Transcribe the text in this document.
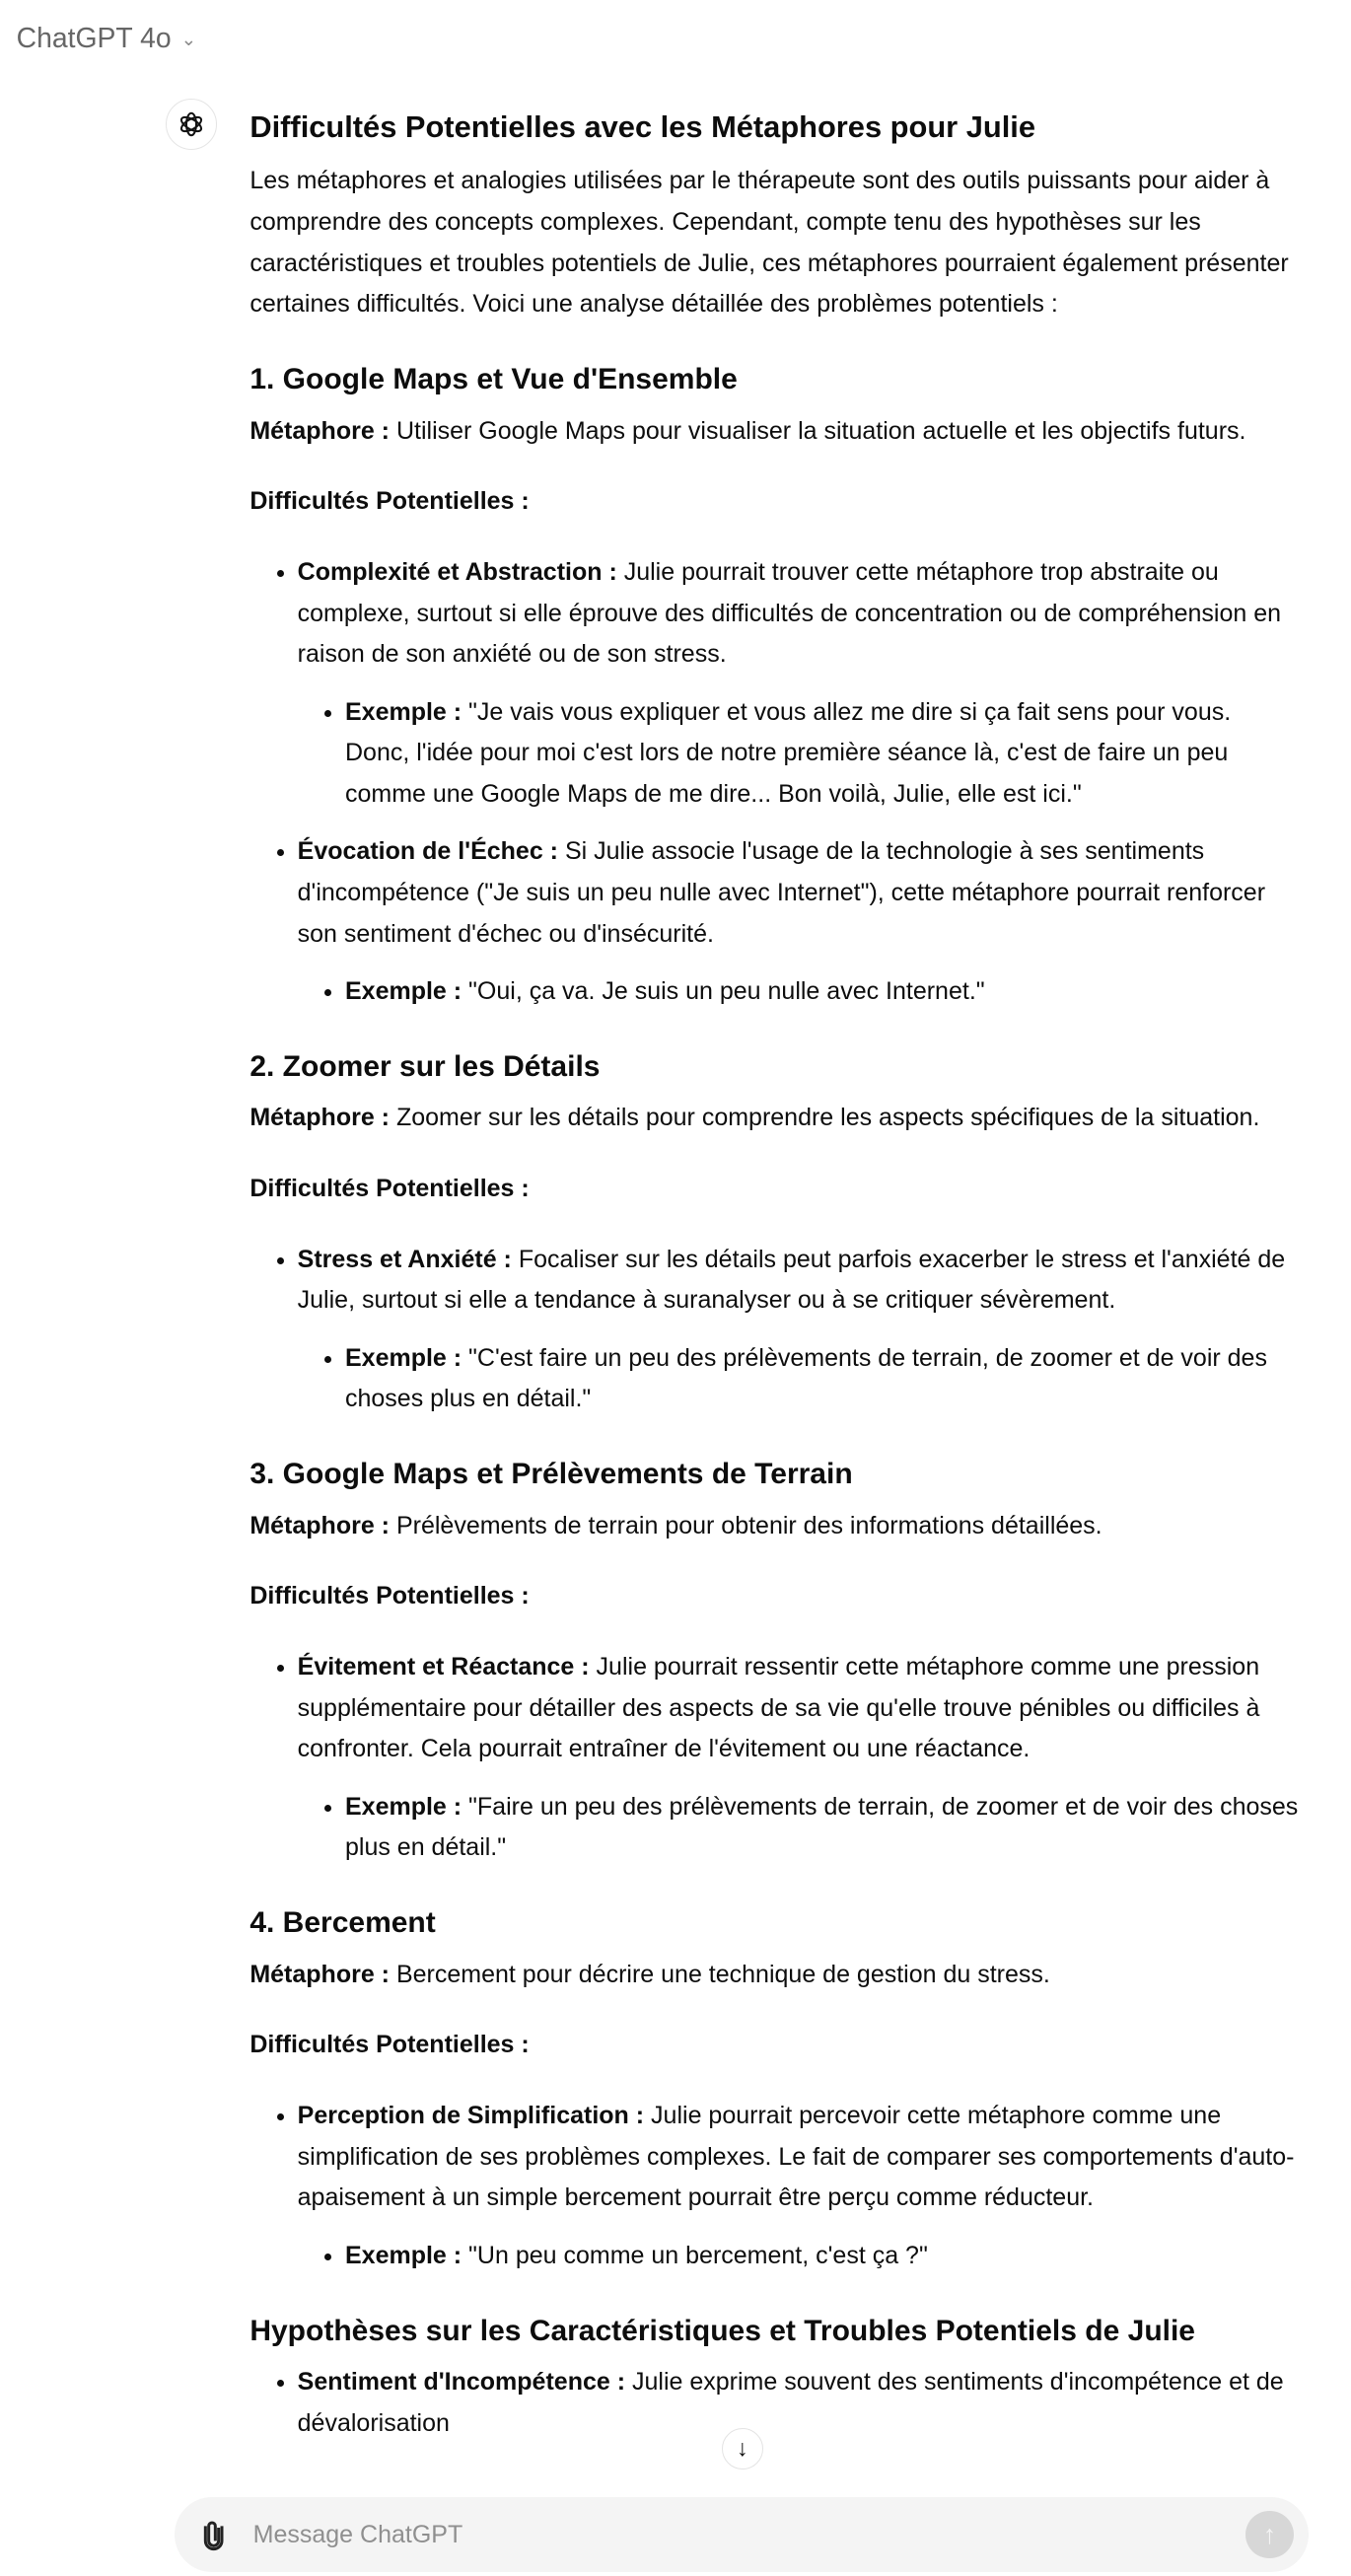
ChatGPT 4o ⌄
Difficultés Potentielles avec les Métaphores pour Julie

Les métaphores et analogies utilisées par le thérapeute sont des outils puissants pour aider à comprendre des concepts complexes. Cependant, compte tenu des hypothèses sur les caractéristiques et troubles potentiels de Julie, ces métaphores pourraient également présenter certaines difficultés. Voici une analyse détaillée des problèmes potentiels :

1. Google Maps et Vue d'Ensemble

Métaphore : Utiliser Google Maps pour visualiser la situation actuelle et les objectifs futurs.

Difficultés Potentielles :

• Complexité et Abstraction : Julie pourrait trouver cette métaphore trop abstraite ou complexe, surtout si elle éprouve des difficultés de concentration ou de compréhension en raison de son anxiété ou de son stress.
• Exemple : "Je vais vous expliquer et vous allez me dire si ça fait sens pour vous. Donc, l'idée pour moi c'est lors de notre première séance là, c'est de faire un peu comme une Google Maps de me dire... Bon voilà, Julie, elle est ici."
• Évocation de l'Échec : Si Julie associe l'usage de la technologie à ses sentiments d'incompétence ("Je suis un peu nulle avec Internet"), cette métaphore pourrait renforcer son sentiment d'échec ou d'insécurité.
• Exemple : "Oui, ça va. Je suis un peu nulle avec Internet."
2. Zoomer sur les Détails

Métaphore : Zoomer sur les détails pour comprendre les aspects spécifiques de la situation.

Difficultés Potentielles :

• Stress et Anxiété : Focaliser sur les détails peut parfois exacerber le stress et l'anxiété de Julie, surtout si elle a tendance à suranalyser ou à se critiquer sévèrement.
• Exemple : "C'est faire un peu des prélèvements de terrain, de zoomer et de voir des choses plus en détail."
3. Google Maps et Prélèvements de Terrain

Métaphore : Prélèvements de terrain pour obtenir des informations détaillées.

Difficultés Potentielles :

• Évitement et Réactance : Julie pourrait ressentir cette métaphore comme une pression supplémentaire pour détailler des aspects de sa vie qu'elle trouve pénibles ou difficiles à confronter. Cela pourrait entraîner de l'évitement ou une réactance.
• Exemple : "Faire un peu des prélèvements de terrain, de zoomer et de voir des choses plus en détail."
4. Bercement

Métaphore : Bercement pour décrire une technique de gestion du stress.

Difficultés Potentielles :

• Perception de Simplification : Julie pourrait percevoir cette métaphore comme une simplification de ses problèmes complexes. Le fait de comparer ses comportements d'auto-apaisement à un simple bercement pourrait être perçu comme réducteur.
• Exemple : "Un peu comme un bercement, c'est ça ?"
Hypothèses sur les Caractéristiques et Troubles Potentiels de Julie
• Sentiment d'Incompétence : Julie exprime souvent des sentiments d'incompétence et de dévalorisation
↓
Message ChatGPT	↑
